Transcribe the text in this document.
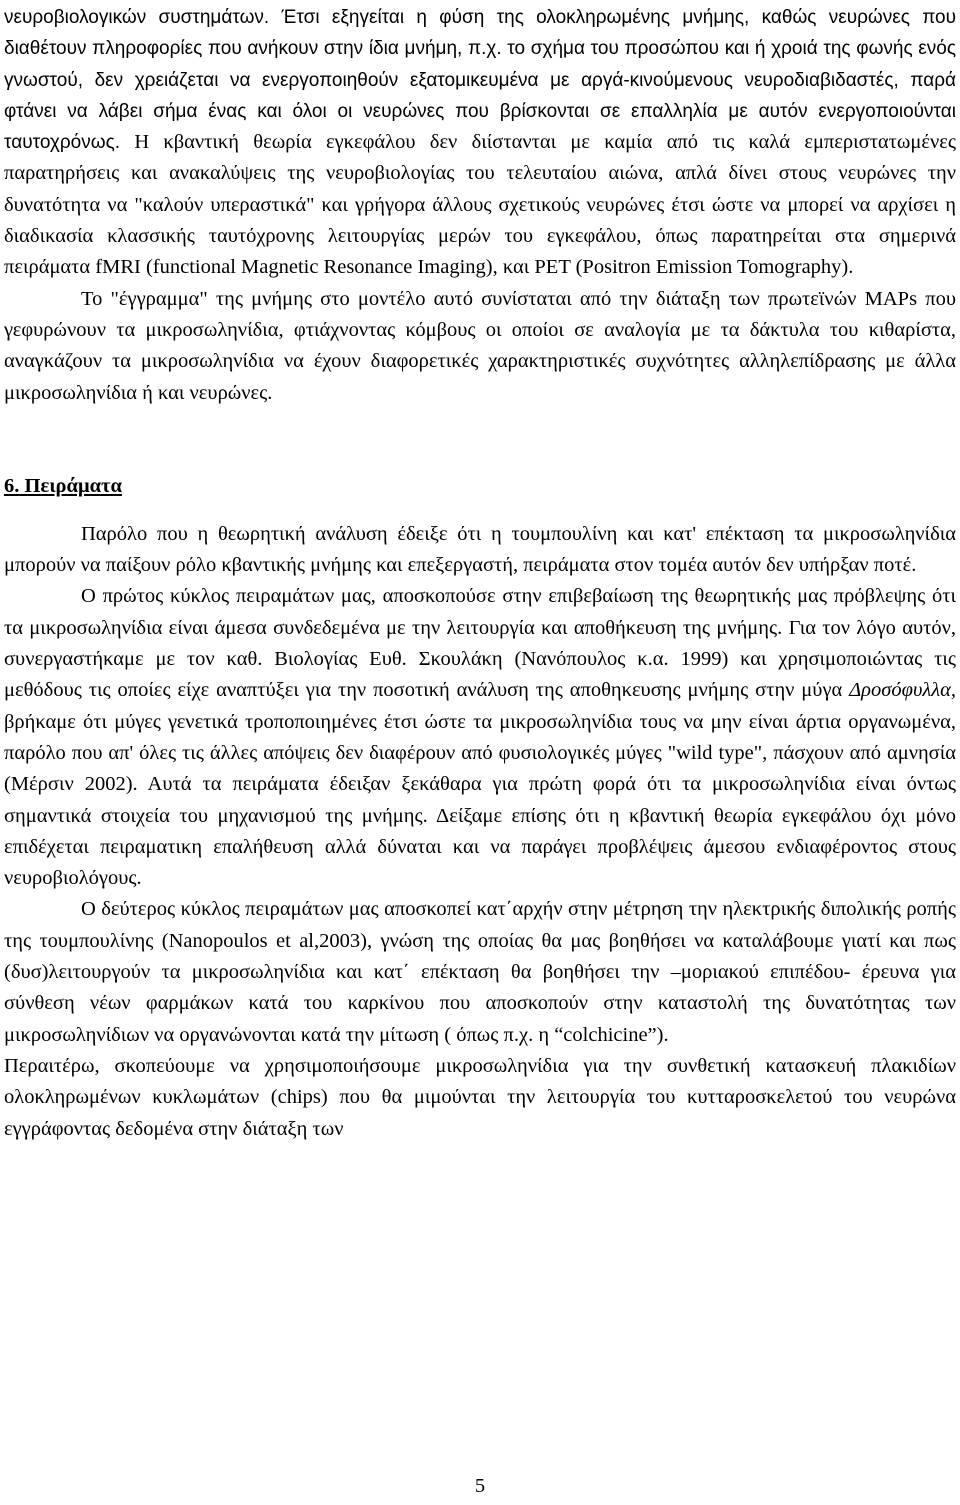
νευροβιολογικών συστημάτων. Έτσι εξηγείται η φύση της ολοκληρωμένης μνήμης, καθώς νευρώνες που διαθέτουν πληροφορίες που ανήκουν στην ίδια μνήμη, π.χ. το σχήμα του προσώπου και ή χροιά της φωνής ενός γνωστού, δεν χρειάζεται να ενεργοποιηθούν εξατομικευμένα με αργά-κινούμενους νευροδιαβιδαστές, παρά φτάνει να λάβει σήμα ένας και όλοι οι νευρώνες που βρίσκονται σε επαλληλία με αυτόν ενεργοποιούνται ταυτοχρόνως. Η κβαντική θεωρία εγκεφάλου δεν διίστανται με καμία από τις καλά εμπεριστατωμένες παρατηρήσεις και ανακαλύψεις της νευροβιολογίας του τελευταίου αιώνα, απλά δίνει στους νευρώνες την δυνατότητα να "καλούν υπεραστικά" και γρήγορα άλλους σχετικούς νευρώνες έτσι ώστε να μπορεί να αρχίσει η διαδικασία κλασσικής ταυτόχρονης λειτουργίας μερών του εγκεφάλου, όπως παρατηρείται στα σημερινά πειράματα fMRI (functional Magnetic Resonance Imaging), και PET (Positron Emission Tomography).

Το "έγγραμμα" της μνήμης στο μοντέλο αυτό συνίσταται από την διάταξη των πρωτεϊνών MAPs που γεφυρώνουν τα μικροσωληνίδια, φτιάχνοντας κόμβους οι οποίοι σε αναλογία με τα δάκτυλα του κιθαρίστα, αναγκάζουν τα μικροσωληνίδια να έχουν διαφορετικές χαρακτηριστικές συχνότητες αλληλεπίδρασης με άλλα μικροσωληνίδια ή και νευρώνες.

6. Πειράματα

Παρόλο που η θεωρητική ανάλυση έδειξε ότι η τουμπουλίνη και κατ' επέκταση τα μικροσωληνίδια μπορούν να παίξουν ρόλο κβαντικής μνήμης και επεξεργαστή, πειράματα στον τομέα αυτόν δεν υπήρξαν ποτέ.

Ο πρώτος κύκλος πειραμάτων μας, αποσκοπούσε στην επιβεβαίωση της θεωρητικής μας πρόβλεψης ότι τα μικροσωληνίδια είναι άμεσα συνδεδεμένα με την λειτουργία και αποθήκευση της μνήμης. Για τον λόγο αυτόν, συνεργαστήκαμε με τον καθ. Βιολογίας Ευθ. Σκουλάκη (Νανόπουλος κ.α. 1999) και χρησιμοποιώντας τις μεθόδους τις οποίες είχε αναπτύξει για την ποσοτική ανάλυση της αποθηκευσης μνήμης στην μύγα Δροσόφυλλα, βρήκαμε ότι μύγες γενετικά τροποποιημένες έτσι ώστε τα μικροσωληνίδια τους να μην είναι άρτια οργανωμένα, παρόλο που απ' όλες τις άλλες απόψεις δεν διαφέρουν από φυσιολογικές μύγες "wild type", πάσχουν από αμνησία (Μέρσιν 2002). Αυτά τα πειράματα έδειξαν ξεκάθαρα για πρώτη φορά ότι τα μικροσωληνίδια είναι όντως σημαντικά στοιχεία του μηχανισμού της μνήμης. Δείξαμε επίσης ότι η κβαντική θεωρία εγκεφάλου όχι μόνο επιδέχεται πειραματικη επαλήθευση αλλά δύναται και να παράγει προβλέψεις άμεσου ενδιαφέροντος στους νευροβιολόγους.

Ο δεύτερος κύκλος πειραμάτων μας αποσκοπεί κατ΄αρχήν στην μέτρηση την ηλεκτρικής διπολικής ροπής της τουμπουλίνης (Nanopoulos et al,2003), γνώση της οποίας θα μας βοηθήσει να καταλάβουμε γιατί και πως (δυσ)λειτουργούν τα μικροσωληνίδια και κατ΄ επέκταση θα βοηθήσει την –μοριακού επιπέδου- έρευνα για σύνθεση νέων φαρμάκων κατά του καρκίνου που αποσκοπούν στην καταστολή της δυνατότητας των μικροσωληνίδιων να οργανώνονται κατά την μίτωση ( όπως π.χ. η “colchicine”).

Περαιτέρω, σκοπεύουμε να χρησιμοποιήσουμε μικροσωληνίδια για την συνθετική κατασκευή πλακιδίων ολοκληρωμένων κυκλωμάτων (chips) που θα μιμούνται την λειτουργία του κυτταροσκελετού του νευρώνα εγγράφοντας δεδομένα στην διάταξη των

5
